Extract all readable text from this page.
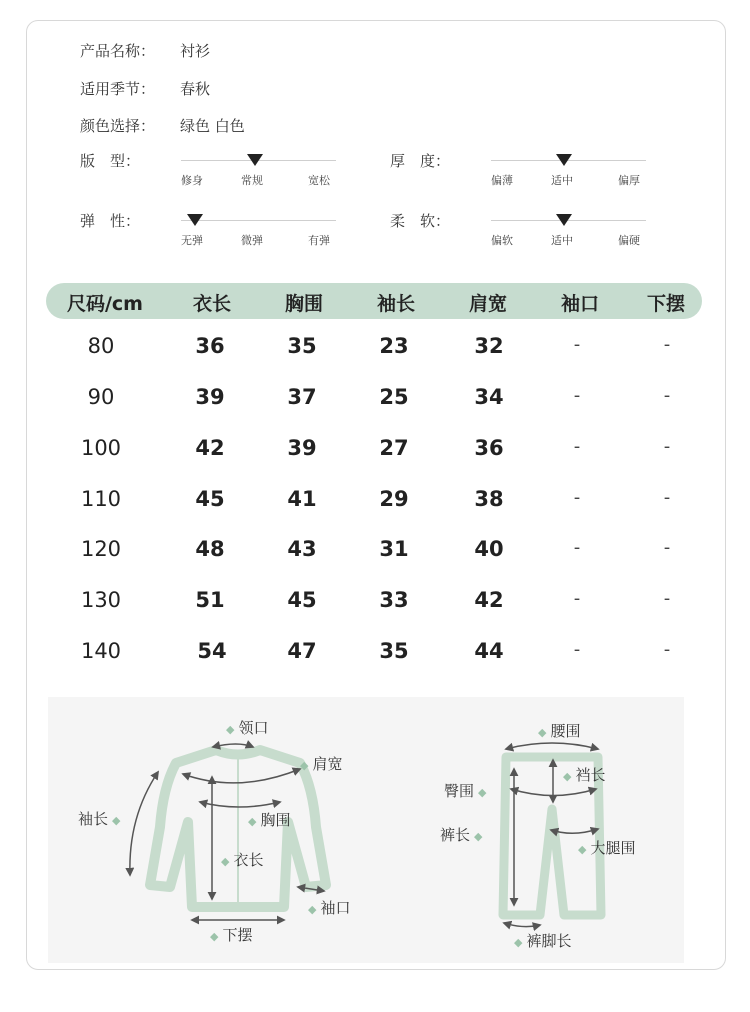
产品名称： 衬衫
适用季节： 春秋
颜色选择： 绿色 白色
版　型：
修身	常规	宽松
厚　度：
偏薄	适中	偏厚
弹　性：
无弹	微弹	有弹
柔　软：
偏软	适中	偏硬
尺码/cm	衣长	胸围	袖长	肩宽	袖口	下摆
80	36	35	23	32	-	-
90	39	37	25	34	-	-
100	42	39	27	36	-	-
110	45	41	29	38	-	-
120	48	43	31	40	-	-
130	51	45	33	42	-	-
140	54	47	35	44	-	-
◆ 领口
◆ 肩宽
袖长 ◆	◆ 胸围
◆ 衣长
◆ 袖口
◆ 下摆
◆ 腰围
◆ 裆长
臀围 ◆
裤长 ◆
◆ 大腿围
◆ 裤脚长
